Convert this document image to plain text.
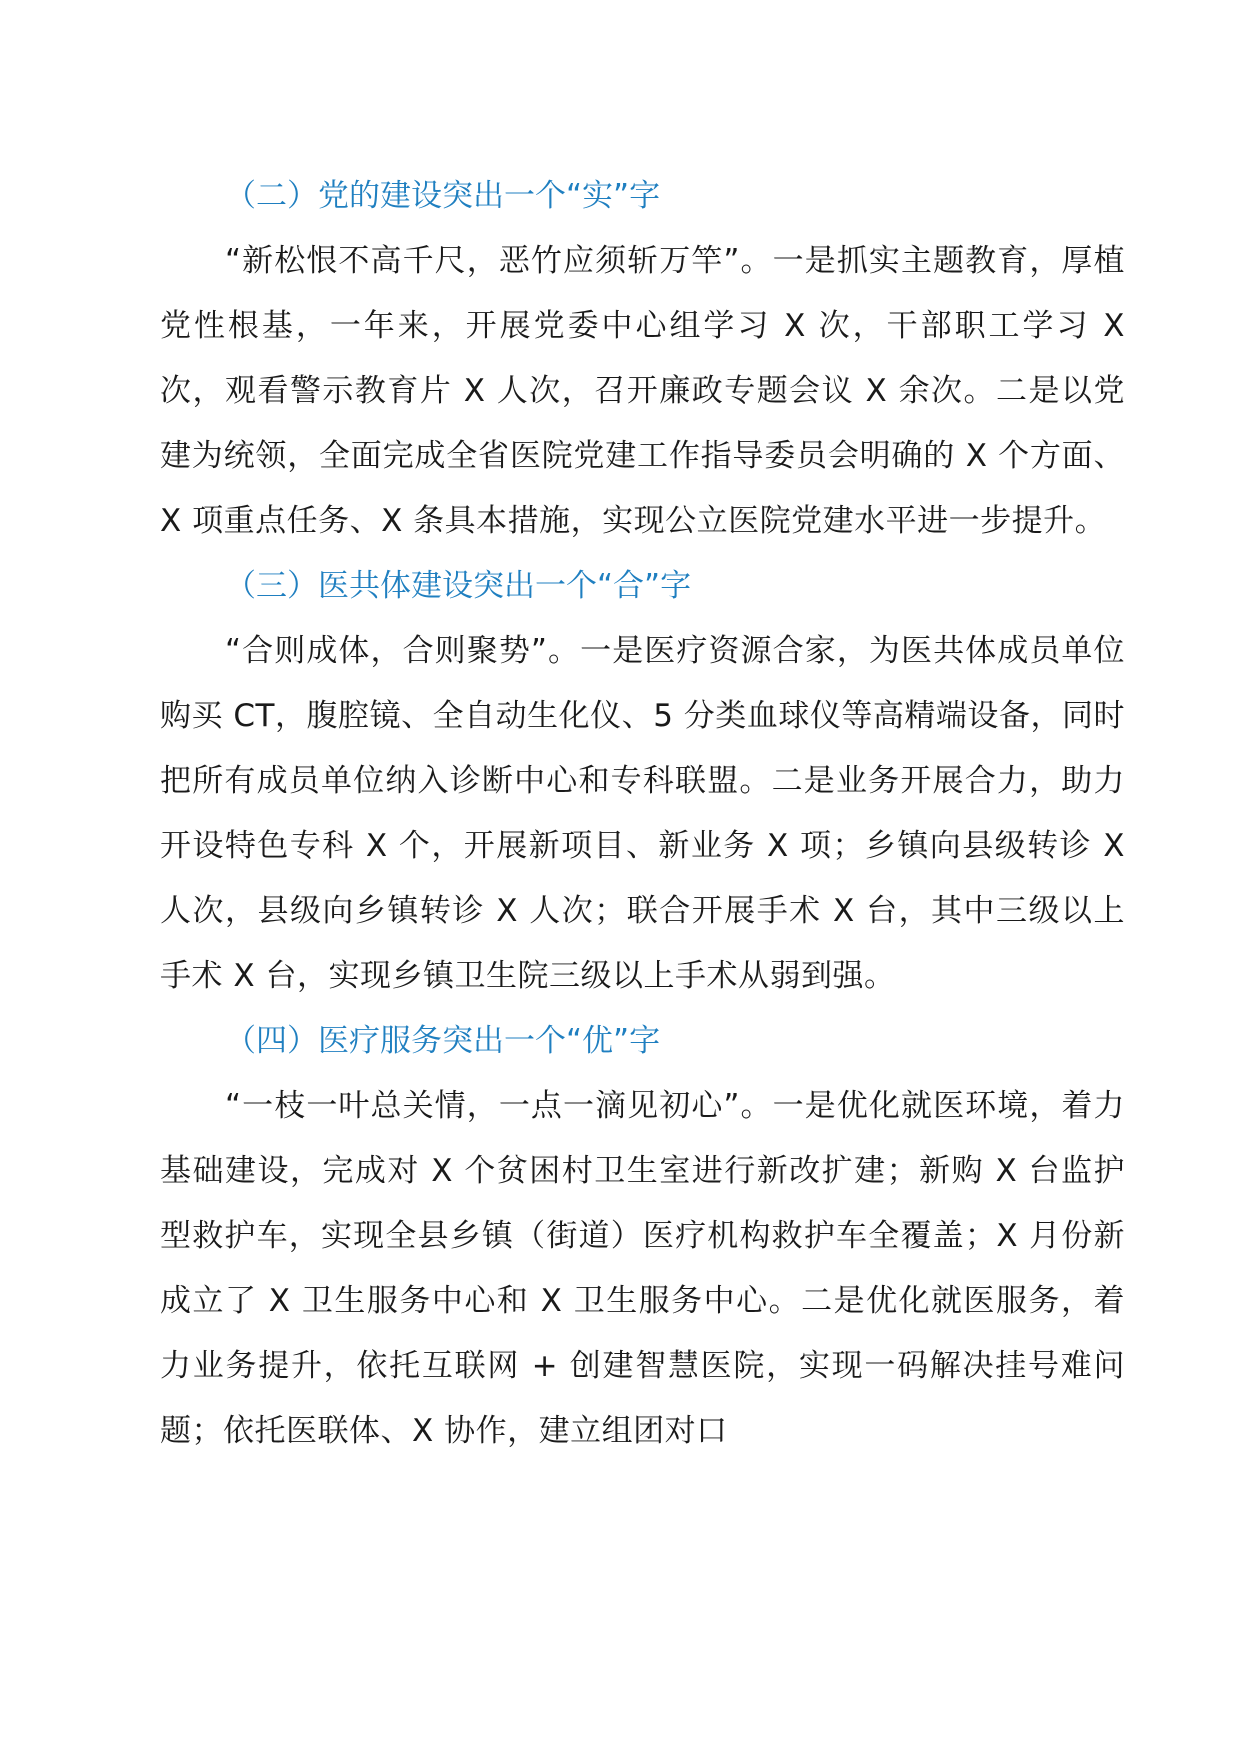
（二）党的建设突出一个“实”字

“新松恨不高千尺，恶竹应须斩万竿”。一是抓实主题教育，厚植党性根基，一年来，开展党委中心组学习 X 次，干部职工学习 X 次，观看警示教育片 X 人次，召开廉政专题会议 X 余次。二是以党建为统领，全面完成全省医院党建工作指导委员会明确的 X 个方面、X 项重点任务、X 条具本措施，实现公立医院党建水平进一步提升。

（三）医共体建设突出一个“合”字

“合则成体，合则聚势”。一是医疗资源合家，为医共体成员单位购买 CT，腹腔镜、全自动生化仪、5 分类血球仪等高精端设备，同时把所有成员单位纳入诊断中心和专科联盟。二是业务开展合力，助力开设特色专科 X 个，开展新项目、新业务 X 项；乡镇向县级转诊 X 人次，县级向乡镇转诊 X 人次；联合开展手术 X 台，其中三级以上手术 X 台，实现乡镇卫生院三级以上手术从弱到强。

（四）医疗服务突出一个“优”字

“一枝一叶总关情，一点一滴见初心”。一是优化就医环境，着力基础建设，完成对 X 个贫困村卫生室进行新改扩建；新购 X 台监护型救护车，实现全县乡镇（街道）医疗机构救护车全覆盖；X 月份新成立了 X 卫生服务中心和 X 卫生服务中心。二是优化就医服务，着力业务提升，依托互联网 + 创建智慧医院，实现一码解决挂号难问题；依托医联体、X 协作，建立组团对口
